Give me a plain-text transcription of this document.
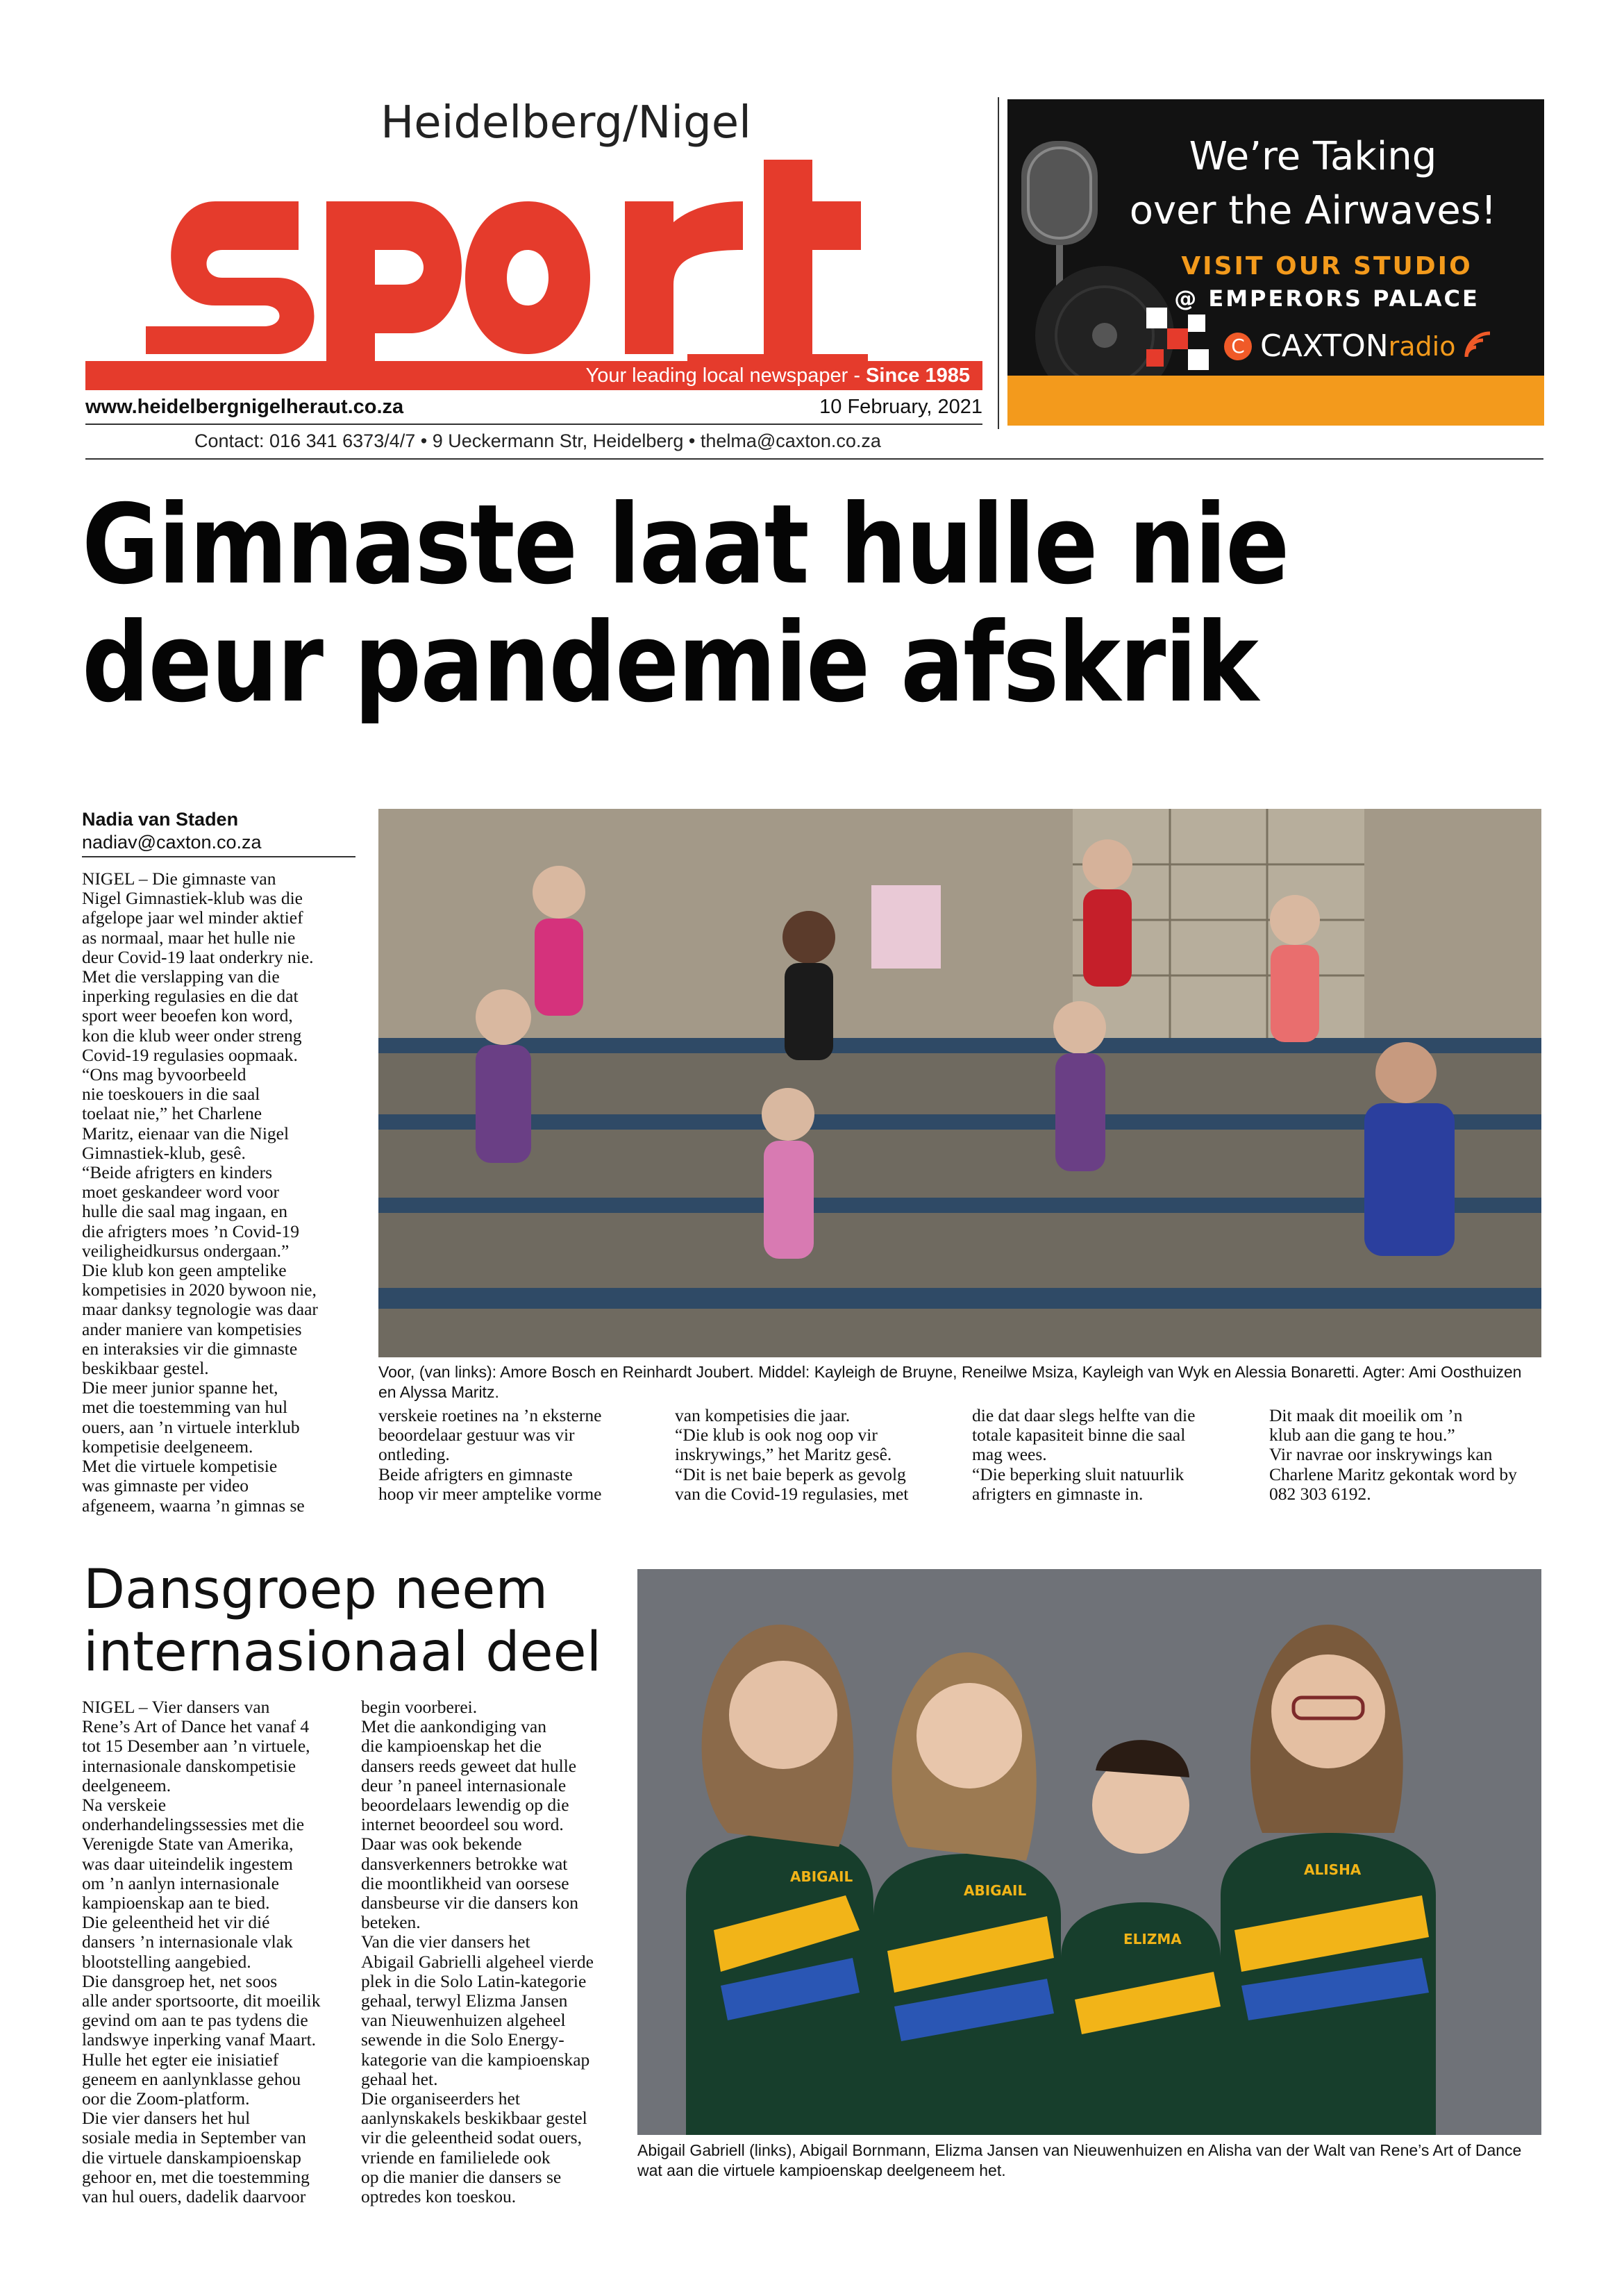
Heidelberg/Nigel
Your leading local newspaper - Since 1985
www.heidelbergnigelheraut.co.za	10 February, 2021
Contact: 016 341 6373/4/7 • 9 Ueckermann Str, Heidelberg • thelma@caxton.co.za
We’re Taking
over the Airwaves!
VISIT OUR STUDIO
@ EMPERORS PALACE
C CAXTON radio
Gimnaste laat hulle nie
deur pandemie afskrik
Nadia van Staden
nadiav@caxton.co.za
NIGEL – Die gimnaste van
Nigel Gimnastiek-klub was die
afgelope jaar wel minder aktief
as normaal, maar het hulle nie
deur Covid-19 laat onderkry nie.
Met die verslapping van die
inperking regulasies en die dat
sport weer beoefen kon word,
kon die klub weer onder streng
Covid-19 regulasies oopmaak.
“Ons mag byvoorbeeld
nie toeskouers in die saal
toelaat nie,” het Charlene
Maritz, eienaar van die Nigel
Gimnastiek-klub, gesê.
“Beide afrigters en kinders
moet geskandeer word voor
hulle die saal mag ingaan, en
die afrigters moes ’n Covid-19
veiligheidkursus ondergaan.”
Die klub kon geen amptelike
kompetisies in 2020 bywoon nie,
maar danksy tegnologie was daar
ander maniere van kompetisies
en interaksies vir die gimnaste
beskikbaar gestel.
Die meer junior spanne het,
met die toestemming van hul
ouers, aan ’n virtuele interklub
kompetisie deelgeneem.
Met die virtuele kompetisie
was gimnaste per video
afgeneem, waarna ’n gimnas se
Voor, (van links): Amore Bosch en Reinhardt Joubert. Middel: Kayleigh de Bruyne, Reneilwe Msiza, Kayleigh van Wyk en Alessia Bonaretti. Agter: Ami Oosthuizen en Alyssa Maritz.
verskeie roetines na ’n eksterne
beoordelaar gestuur was vir
ontleding.
Beide afrigters en gimnaste
hoop vir meer amptelike vorme
van kompetisies die jaar.
“Die klub is ook nog oop vir
inskrywings,” het Maritz gesê.
“Dit is net baie beperk as gevolg
van die Covid-19 regulasies, met
die dat daar slegs helfte van die
totale kapasiteit binne die saal
mag wees.
“Die beperking sluit natuurlik
afrigters en gimnaste in.
Dit maak dit moeilik om ’n
klub aan die gang te hou.”
Vir navrae oor inskrywings kan
Charlene Maritz gekontak word by
082 303 6192.
Dansgroep neem
internasionaal deel
NIGEL – Vier dansers van
Rene’s Art of Dance het vanaf 4
tot 15 Desember aan ’n virtuele,
internasionale danskompetisie
deelgeneem.
Na verskeie
onderhandelingssessies met die
Verenigde State van Amerika,
was daar uiteindelik ingestem
om ’n aanlyn internasionale
kampioenskap aan te bied.
Die geleentheid het vir dié
dansers ’n internasionale vlak
blootstelling aangebied.
Die dansgroep het, net soos
alle ander sportsoorte, dit moeilik
gevind om aan te pas tydens die
landswye inperking vanaf Maart.
Hulle het egter eie inisiatief
geneem en aanlynklasse gehou
oor die Zoom-platform.
Die vier dansers het hul
sosiale media in September van
die virtuele danskampioenskap
gehoor en, met die toestemming
van hul ouers, dadelik daarvoor
begin voorberei.
Met die aankondiging van
die kampioenskap het die
dansers reeds geweet dat hulle
deur ’n paneel internasionale
beoordelaars lewendig op die
internet beoordeel sou word.
Daar was ook bekende
dansverkenners betrokke wat
die moontlikheid van oorsese
dansbeurse vir die dansers kon
beteken.
Van die vier dansers het
Abigail Gabrielli algeheel vierde
plek in die Solo Latin-kategorie
gehaal, terwyl Elizma Jansen
van Nieuwenhuizen algeheel
sewende in die Solo Energy-
kategorie van die kampioenskap
gehaal het.
Die organiseerders het
aanlynskakels beskikbaar gestel
vir die geleentheid sodat ouers,
vriende en familielede ook
op die manier die dansers se
optredes kon toeskou.
ABIGAIL
ABIGAIL
ELIZMA
ALISHA
Abigail Gabriell (links), Abigail Bornmann, Elizma Jansen van Nieuwenhuizen en Alisha van der Walt van Rene’s Art of Dance wat aan die virtuele kampioenskap deelgeneem het.
